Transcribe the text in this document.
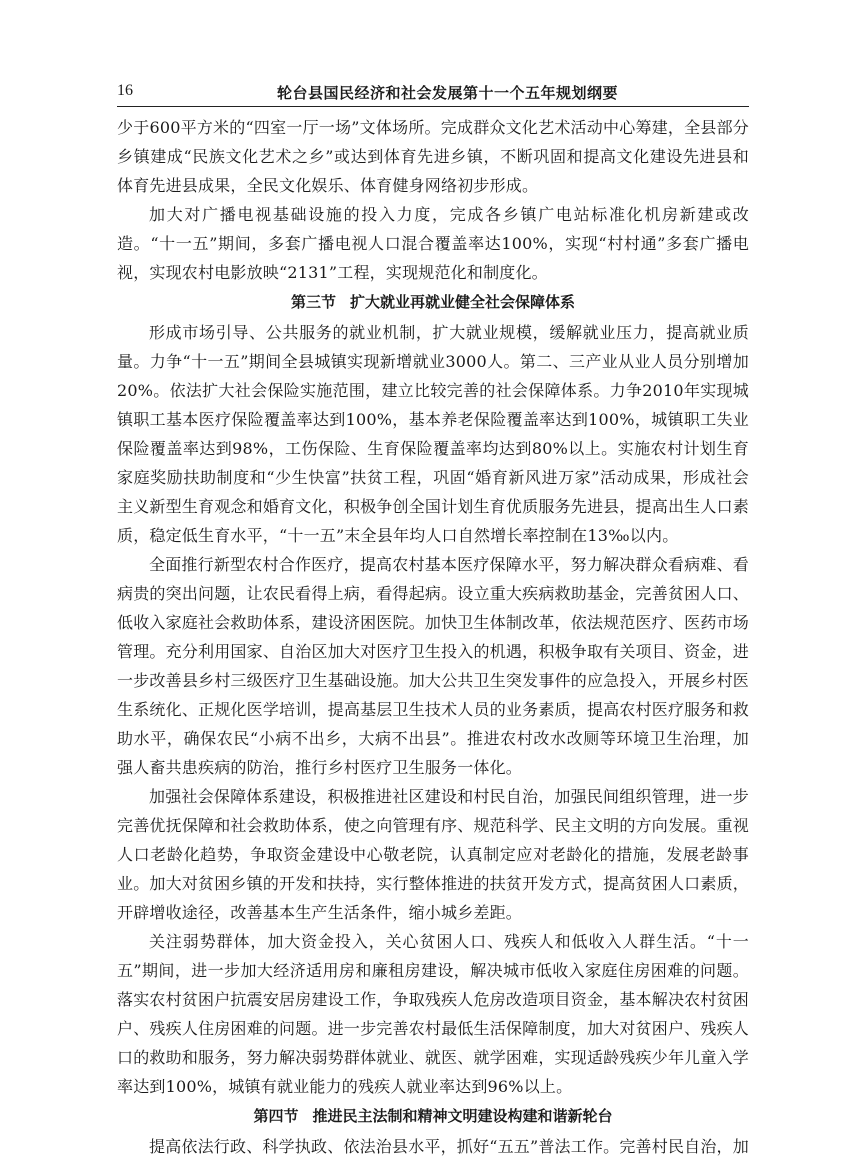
16	轮台县国民经济和社会发展第十一个五年规划纲要

少于600平方米的“四室一厅一场”文体场所。完成群众文化艺术活动中心筹建，全县部分乡镇建成“民族文化艺术之乡”或达到体育先进乡镇，不断巩固和提高文化建设先进县和体育先进县成果，全民文化娱乐、体育健身网络初步形成。

加大对广播电视基础设施的投入力度，完成各乡镇广电站标准化机房新建或改造。“十一五”期间，多套广播电视人口混合覆盖率达100%，实现“村村通”多套广播电视，实现农村电影放映“2131”工程，实现规范化和制度化。

第三节 扩大就业再就业健全社会保障体系

形成市场引导、公共服务的就业机制，扩大就业规模，缓解就业压力，提高就业质量。力争“十一五”期间全县城镇实现新增就业3000人。第二、三产业从业人员分别增加20%。依法扩大社会保险实施范围，建立比较完善的社会保障体系。力争2010年实现城镇职工基本医疗保险覆盖率达到100%，基本养老保险覆盖率达到100%，城镇职工失业保险覆盖率达到98%，工伤保险、生育保险覆盖率均达到80%以上。实施农村计划生育家庭奖励扶助制度和“少生快富”扶贫工程，巩固“婚育新风进万家”活动成果，形成社会主义新型生育观念和婚育文化，积极争创全国计划生育优质服务先进县，提高出生人口素质，稳定低生育水平，“十一五”末全县年均人口自然增长率控制在13‰以内。

全面推行新型农村合作医疗，提高农村基本医疗保障水平，努力解决群众看病难、看病贵的突出问题，让农民看得上病，看得起病。设立重大疾病救助基金，完善贫困人口、低收入家庭社会救助体系，建设济困医院。加快卫生体制改革，依法规范医疗、医药市场管理。充分利用国家、自治区加大对医疗卫生投入的机遇，积极争取有关项目、资金，进一步改善县乡村三级医疗卫生基础设施。加大公共卫生突发事件的应急投入，开展乡村医生系统化、正规化医学培训，提高基层卫生技术人员的业务素质，提高农村医疗服务和救助水平，确保农民“小病不出乡，大病不出县”。推进农村改水改厕等环境卫生治理，加强人畜共患疾病的防治，推行乡村医疗卫生服务一体化。

加强社会保障体系建设，积极推进社区建设和村民自治，加强民间组织管理，进一步完善优抚保障和社会救助体系，使之向管理有序、规范科学、民主文明的方向发展。重视人口老龄化趋势，争取资金建设中心敬老院，认真制定应对老龄化的措施，发展老龄事业。加大对贫困乡镇的开发和扶持，实行整体推进的扶贫开发方式，提高贫困人口素质，开辟增收途径，改善基本生产生活条件，缩小城乡差距。

关注弱势群体，加大资金投入，关心贫困人口、残疾人和低收入人群生活。“十一五”期间，进一步加大经济适用房和廉租房建设，解决城市低收入家庭住房困难的问题。落实农村贫困户抗震安居房建设工作，争取残疾人危房改造项目资金，基本解决农村贫困户、残疾人住房困难的问题。进一步完善农村最低生活保障制度，加大对贫困户、残疾人口的救助和服务，努力解决弱势群体就业、就医、就学困难，实现适龄残疾少年儿童入学率达到100%，城镇有就业能力的残疾人就业率达到96%以上。

第四节 推进民主法制和精神文明建设构建和谐新轮台

提高依法行政、科学执政、依法治县水平，抓好“五五”普法工作。完善村民自治，加
